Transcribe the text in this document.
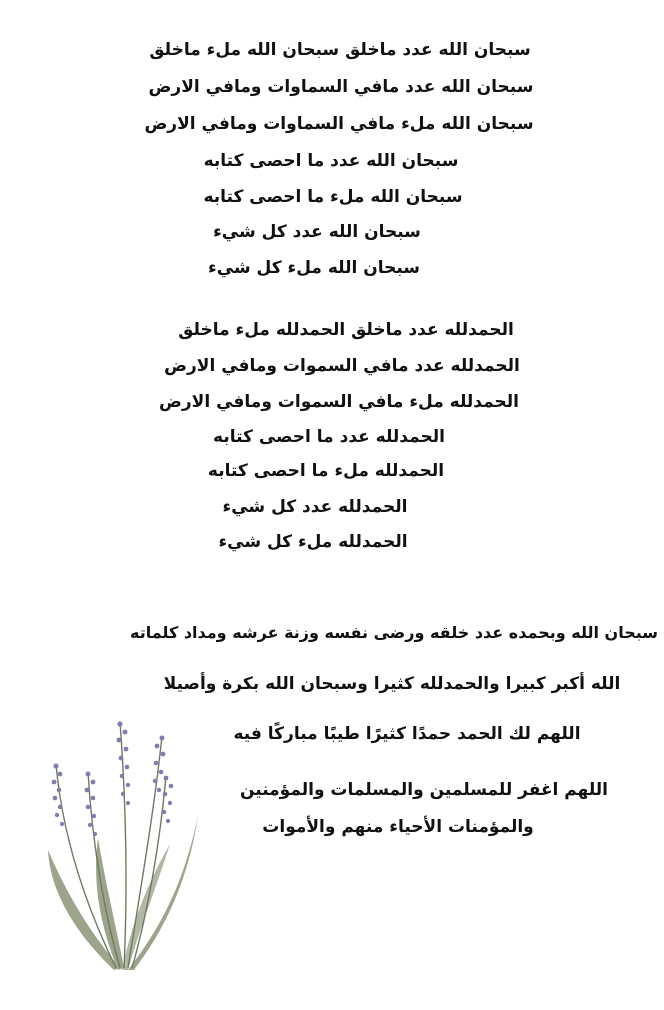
سبحان الله عدد ماخلق سبحان الله ملء ماخلق
سبحان الله عدد مافي السماوات ومافي الارض
سبحان الله ملء مافي السماوات ومافي الارض
سبحان الله عدد ما احصى كتابه
سبحان الله ملء ما احصى كتابه
سبحان الله عدد كل شيء
سبحان الله ملء كل شيء
الحمدلله عدد ماخلق الحمدلله ملء ماخلق
الحمدلله عدد مافي السموات ومافي الارض
الحمدلله ملء مافي السموات ومافي الارض
الحمدلله عدد ما احصى كتابه
الحمدلله ملء ما احصى كتابه
الحمدلله عدد كل شيء
الحمدلله ملء كل شيء
سبحان الله وبحمده عدد خلقه ورضى نفسه وزنة عرشه ومداد كلماته
الله أكبر كبيرا والحمدلله كثيرا وسبحان الله بكرة وأصيلا
اللهم لك الحمد حمدًا كثيرًا طيبًا مباركًا فيه
اللهم اغفر للمسلمين والمسلمات والمؤمنين
والمؤمنات الأحياء منهم والأموات
